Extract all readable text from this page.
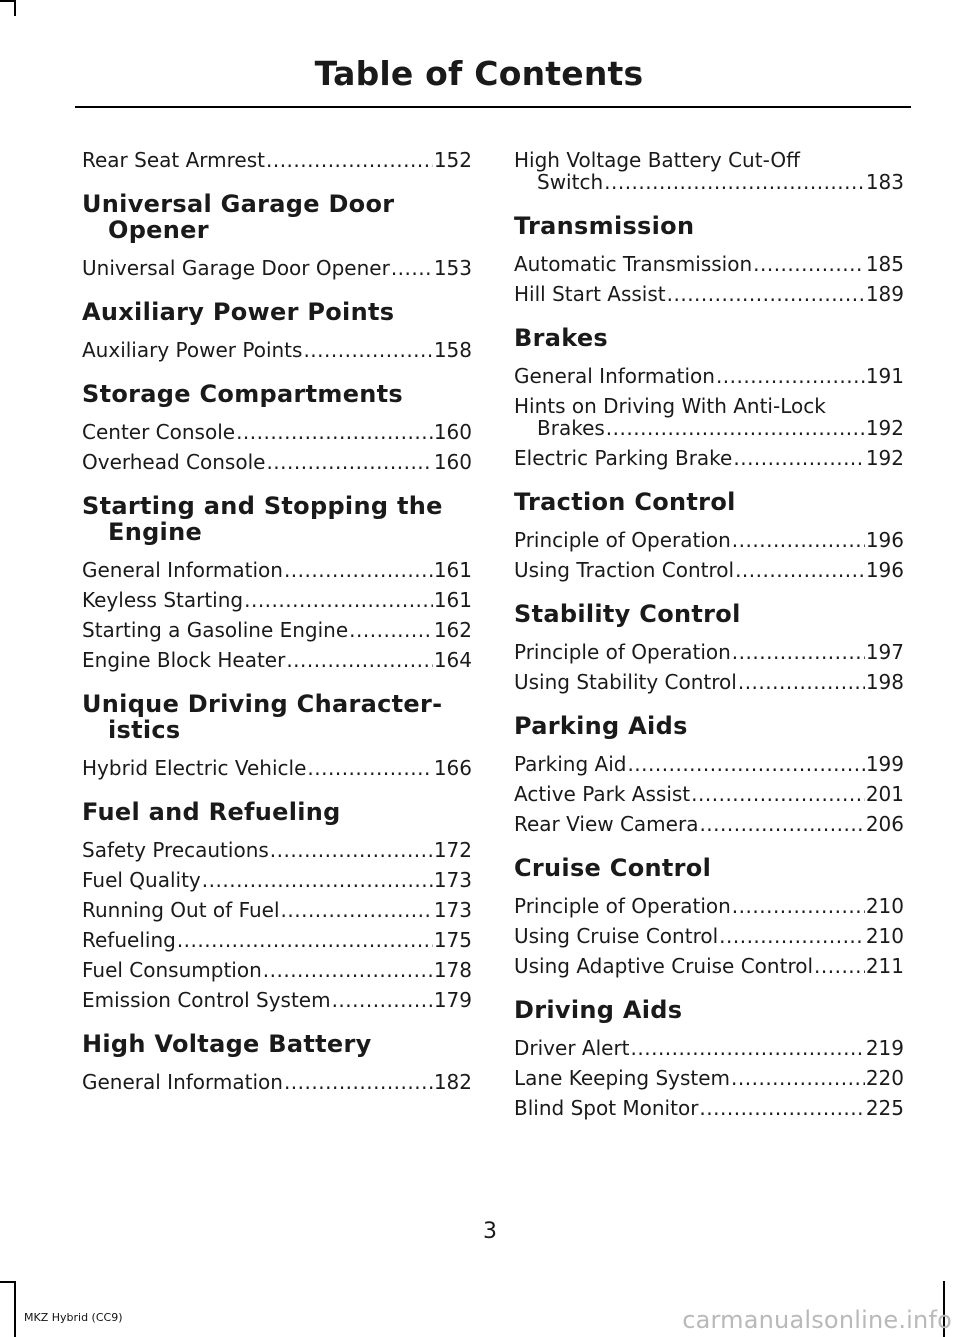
Table of Contents
Rear Seat Armrest .....	152
Universal Garage Door
Opener
Universal Garage Door Opener ..... 153
Auxiliary Power Points
Auxiliary Power Points .....	158
Storage Compartments
Center Console .....	160
Overhead Console .....	160
Starting and Stopping the
Engine
General Information .....	161
Keyless Starting .....	161
Starting a Gasoline Engine .....	162
Engine Block Heater .....	164
Unique Driving Character-
istics
Hybrid Electric Vehicle .....	166
Fuel and Refueling
Safety Precautions .....	172
Fuel Quality .....	173
Running Out of Fuel .....	173
Refueling .....	175
Fuel Consumption .....	178
Emission Control System .....	179
High Voltage Battery
General Information .....	182
High Voltage Battery Cut-Off
Switch .....	183
Transmission
Automatic Transmission .....	185
Hill Start Assist .....	189
Brakes
General Information .....	191
Hints on Driving With Anti-Lock
Brakes .....	192
Electric Parking Brake .....	192
Traction Control
Principle of Operation .....	196
Using Traction Control .....	196
Stability Control
Principle of Operation .....	197
Using Stability Control .....	198
Parking Aids
Parking Aid .....	199
Active Park Assist .....	201
Rear View Camera .....	206
Cruise Control
Principle of Operation .....	210
Using Cruise Control .....	210
Using Adaptive Cruise Control .....	211
Driving Aids
Driver Alert .....	219
Lane Keeping System .....	220
Blind Spot Monitor .....	225
3
MKZ Hybrid (CC9)	carmanualsonline.info
